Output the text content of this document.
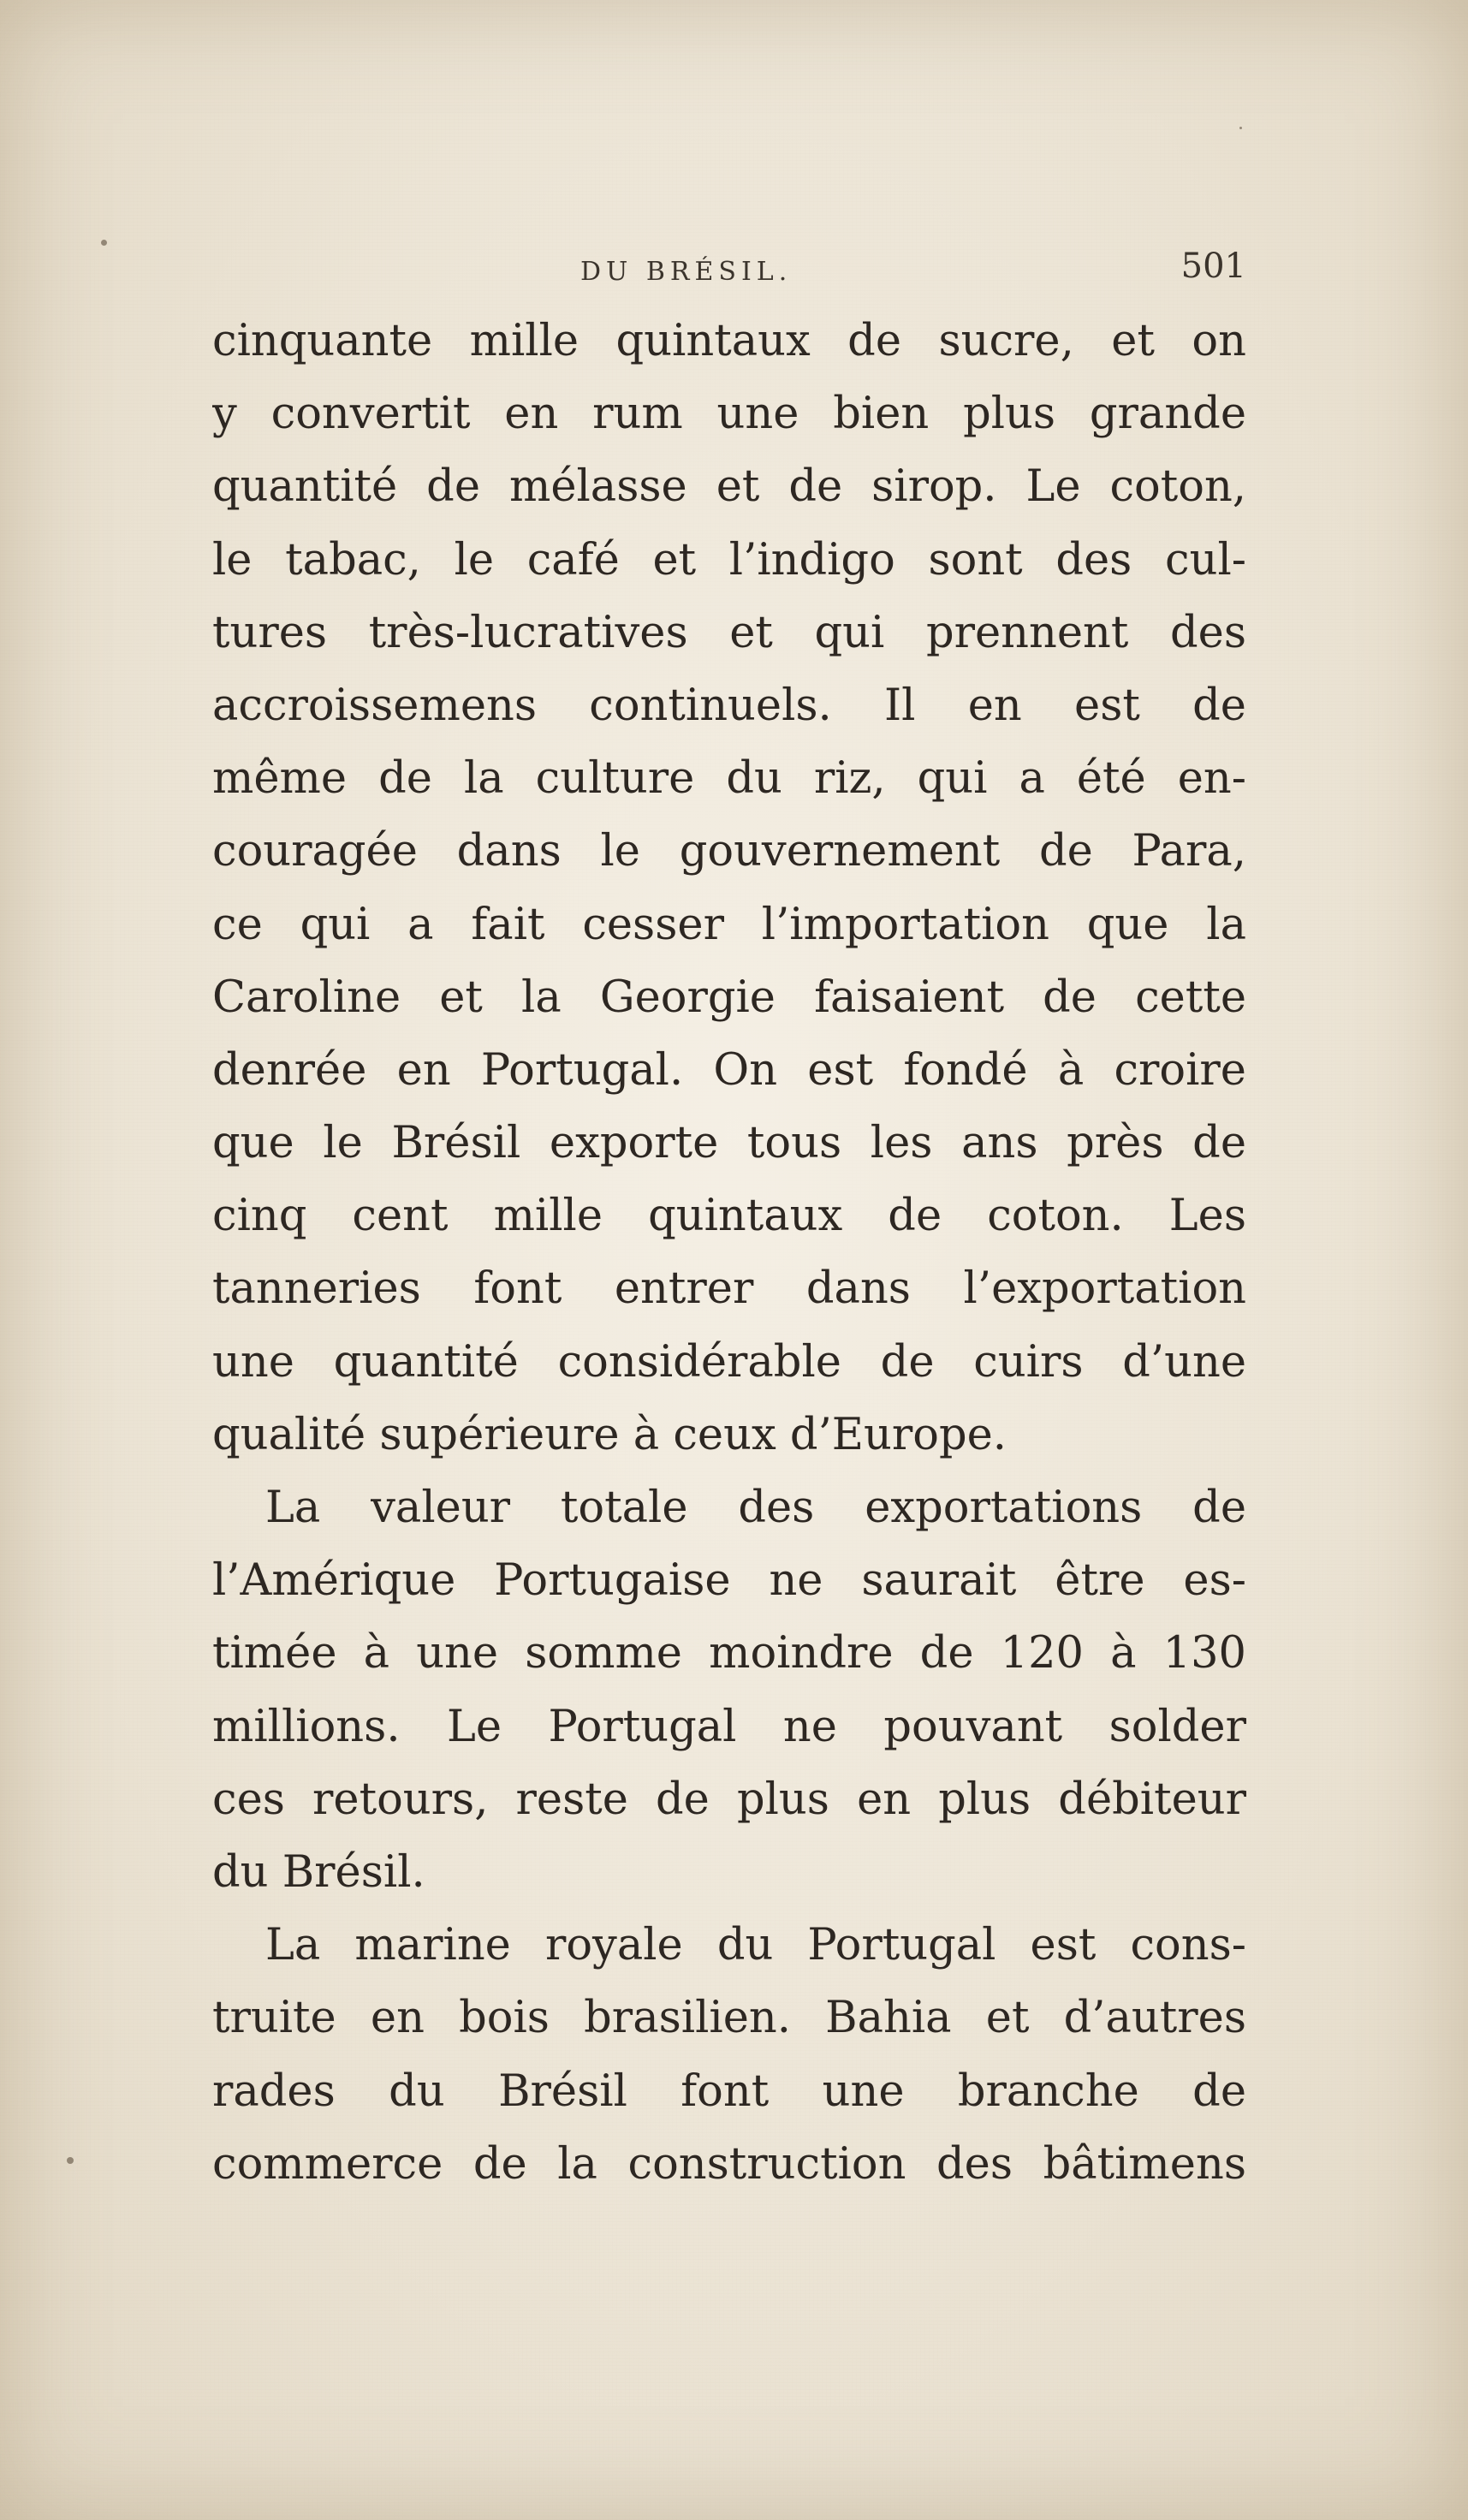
DU BRÉSIL.	501
cinquante mille quintaux de sucre, et on
y convertit en rum une bien plus grande
quantité de mélasse et de sirop. Le coton,
le tabac, le café et l’indigo sont des cul-
tures très-lucratives et qui prennent des
accroissemens continuels. Il en est de
même de la culture du riz, qui a été en-
couragée dans le gouvernement de Para,
ce qui a fait cesser l’importation que la
Caroline et la Georgie faisaient de cette
denrée en Portugal. On est fondé à croire
que le Brésil exporte tous les ans près de
cinq cent mille quintaux de coton. Les
tanneries font entrer dans l’exportation
une quantité considérable de cuirs d’une
qualité supérieure à ceux d’Europe.
La valeur totale des exportations de
l’Amérique Portugaise ne saurait être es-
timée à une somme moindre de 120 à 130
millions. Le Portugal ne pouvant solder
ces retours, reste de plus en plus débiteur
du Brésil.
La marine royale du Portugal est cons-
truite en bois brasilien. Bahia et d’autres
rades du Brésil font une branche de
commerce de la construction des bâtimens
